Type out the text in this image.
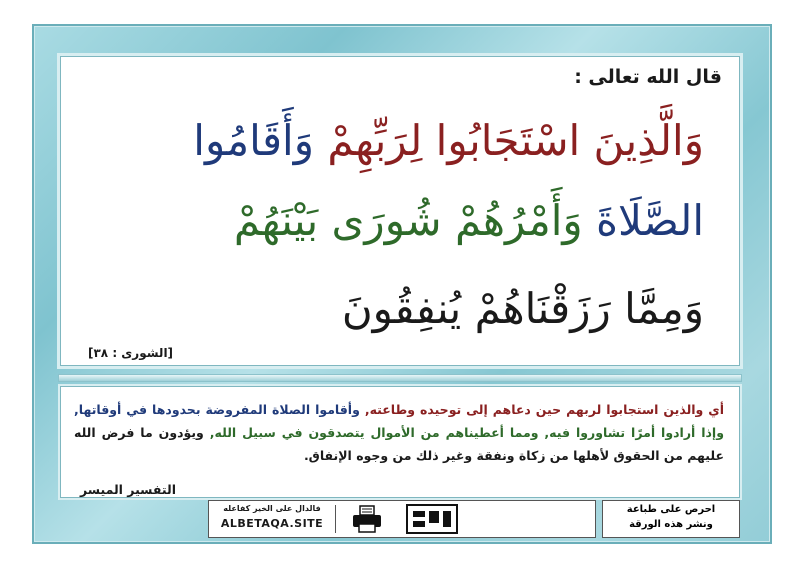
قال الله تعالى :
وَالَّذِينَ اسْتَجَابُوا لِرَبِّهِمْ وَأَقَامُوا
الصَّلَاةَ وَأَمْرُهُمْ شُورَى بَيْنَهُمْ
وَمِمَّا رَزَقْنَاهُمْ يُنفِقُونَ
[الشورى : ٣٨]
أي والذين استجابوا لربهم حين دعاهم إلى توحيده وطاعته, وأقاموا الصلاة المفروضة بحدودها في أوقاتها, وإذا أرادوا أمرًا تشاوروا فيه, ومما أعطيناهم من الأموال يتصدقون في سبيل الله, ويؤدون ما فرض الله عليهم من الحقوق لأهلها من زكاة ونفقة وغير ذلك من وجوه الإنفاق.
التفسير الميسر
فالدال على الخير كفاعله
ALBETAQA.SITE
احرص على طباعة
ونشر هذه الورقة
